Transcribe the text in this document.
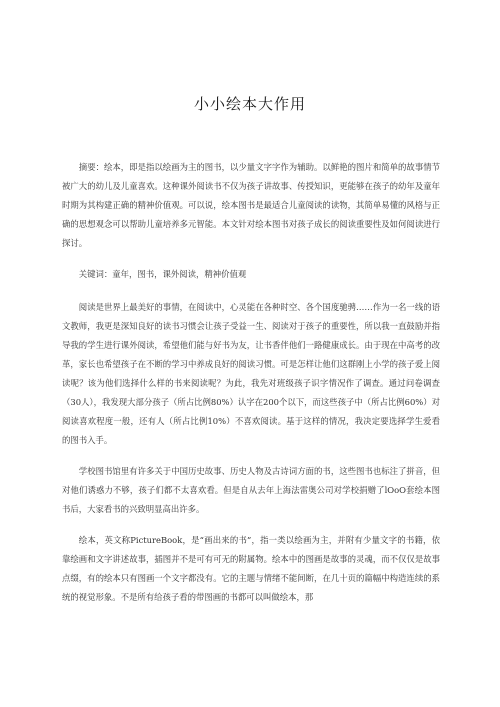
小小绘本大作用

摘要：绘本，即是指以绘画为主的图书，以少量文字字作为辅助。以鲜艳的图片和简单的故事情节被广大的幼儿及儿童喜欢。这种课外阅读书不仅为孩子讲故事、传授知识，更能够在孩子的幼年及童年时期为其构建正确的精神价值观。可以说，绘本图书是最适合儿童阅读的读物，其简单易懂的风格与正确的思想观念可以帮助儿童培养多元智能。本文针对绘本图书对孩子成长的阅读重要性及如何阅读进行探讨。

关键词：童年，图书，课外阅读，精神价值观

阅读是世界上最美好的事情，在阅读中，心灵能在各种时空、各个国度驰骋……作为一名一线的语文教师，我更是深知良好的读书习惯会让孩子受益一生、阅读对于孩子的重要性，所以我一直鼓励并指导我的学生进行课外阅读，希望他们能与好书为友，让书香伴他们一路健康成长。由于现在中高考的改革，家长也希望孩子在不断的学习中养成良好的阅读习惯。可是怎样让他们这群刚上小学的孩子爱上阅读呢？该为他们选择什么样的书来阅读呢？为此，我先对班级孩子识字情况作了调查。通过问卷调查（30人），我发现大部分孩子（所占比例80%）认字在200个以下，而这些孩子中（所占比例60%）对阅读喜欢程度一般，还有人（所占比例10%）不喜欢阅读。基于这样的情况，我决定要选择学生爱看的图书入手。

学校图书馆里有许多关于中国历史故事、历史人物及古诗词方面的书，这些图书也标注了拼音，但对他们诱惑力不够，孩子们都不太喜欢看。但是自从去年上海法雷奥公司对学校捐赠了lOoO套绘本图书后，大家看书的兴致明显高出许多。

绘本，英文称PictureBook，是“画出来的书”，指一类以绘画为主，并附有少量文字的书籍，依靠绘画和文字讲述故事，插图并不是可有可无的附属物。绘本中的图画是故事的灵魂，而不仅仅是故事点缀，有的绘本只有图画一个文字都没有。它的主题与情绪不能间断，在几十页的篇幅中构造连续的系统的视觉形象。不是所有给孩子看的带图画的书都可以叫做绘本，那
